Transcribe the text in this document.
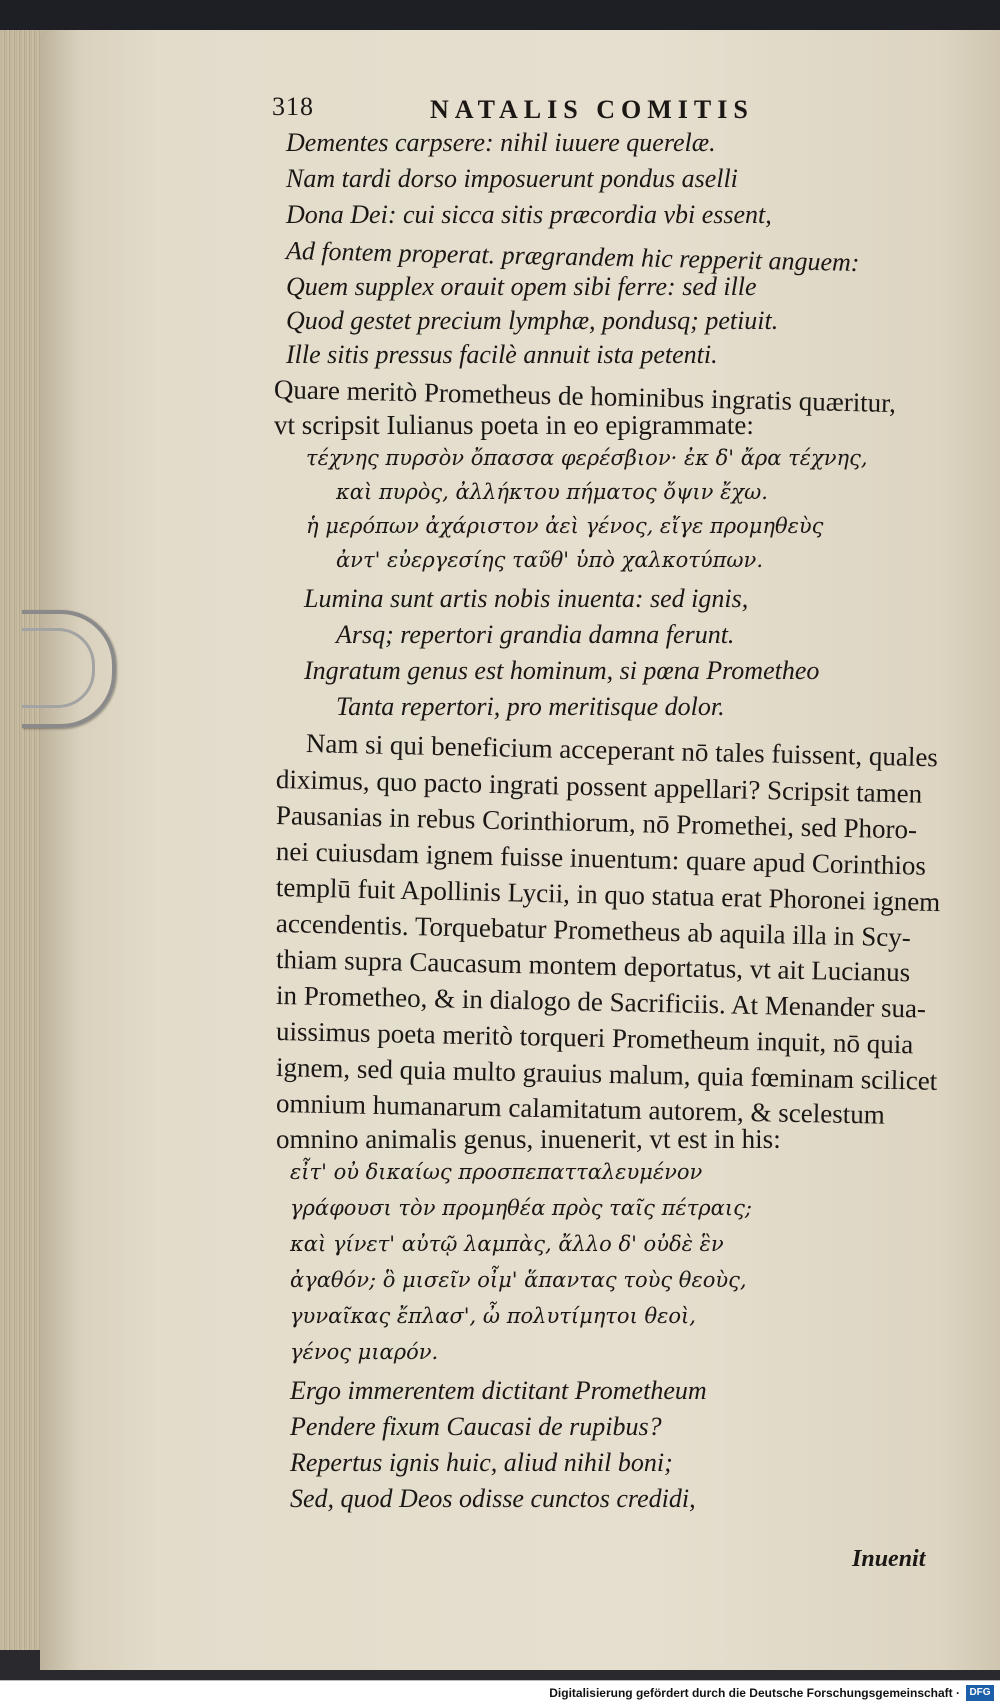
318	NATALIS COMITIS
Dementes carpsere: nihil iuuere querelæ.
Nam tardi dorso imposuerunt pondus aselli
Dona Dei: cui sicca sitis præcordia vbi essent,
Ad fontem properat. prægrandem hic repperit anguem:
Quem supplex orauit opem sibi ferre: sed ille
Quod gestet precium lymphæ, pondusq; petiuit.
Ille sitis pressus facilè annuit ista petenti.
Quare meritò Prometheus de hominibus ingratis quæritur,
vt scripsit Iulianus poeta in eo epigrammate:
τέχνης πυρσὸν ὄπασσα φερέσβιον· ἐκ δ' ἄρα τέχνης,
καὶ πυρὸς, ἀλλήκτου πήματος ὄψιν ἔχω.
ἡ μερόπων ἀχάριστον ἀεὶ γένος, εἴγε προμηθεὺς
ἀντ' εὐεργεσίης ταῦθ' ὑπὸ χαλκοτύπων.
Lumina sunt artis nobis inuenta: sed ignis,
Arsq; repertori grandia damna ferunt.
Ingratum genus est hominum, si pœna Prometheo
Tanta repertori, pro meritisque dolor.
Nam si qui beneficium acceperant nō tales fuissent, quales
diximus, quo pacto ingrati possent appellari? Scripsit tamen
Pausanias in rebus Corinthiorum, nō Promethei, sed Phoro-
nei cuiusdam ignem fuisse inuentum: quare apud Corinthios
templū fuit Apollinis Lycii, in quo statua erat Phoronei ignem
accendentis. Torquebatur Prometheus ab aquila illa in Scy-
thiam supra Caucasum montem deportatus, vt ait Lucianus
in Prometheo, & in dialogo de Sacrificiis. At Menander sua-
uissimus poeta meritò torqueri Prometheum inquit, nō quia
ignem, sed quia multo grauius malum, quia fœminam scilicet
omnium humanarum calamitatum autorem, & scelestum
omnino animalis genus, inuenerit, vt est in his:
εἶτ' οὐ δικαίως προσπεπατταλευμένον
γράφουσι τὸν προμηθέα πρὸς ταῖς πέτραις;
καὶ γίνετ' αὐτῷ λαμπὰς, ἄλλο δ' οὐδὲ ἓν
ἀγαθόν; ὃ μισεῖν οἶμ' ἅπαντας τοὺς θεοὺς,
γυναῖκας ἔπλασ', ὦ πολυτίμητοι θεοὶ,
γένος μιαρόν.
Ergo immerentem dictitant Prometheum
Pendere fixum Caucasi de rupibus?
Repertus ignis huic, aliud nihil boni;
Sed, quod Deos odisse cunctos credidi,
Inuenit
Digitalisierung gefördert durch die Deutsche Forschungsgemeinschaft · DFG
